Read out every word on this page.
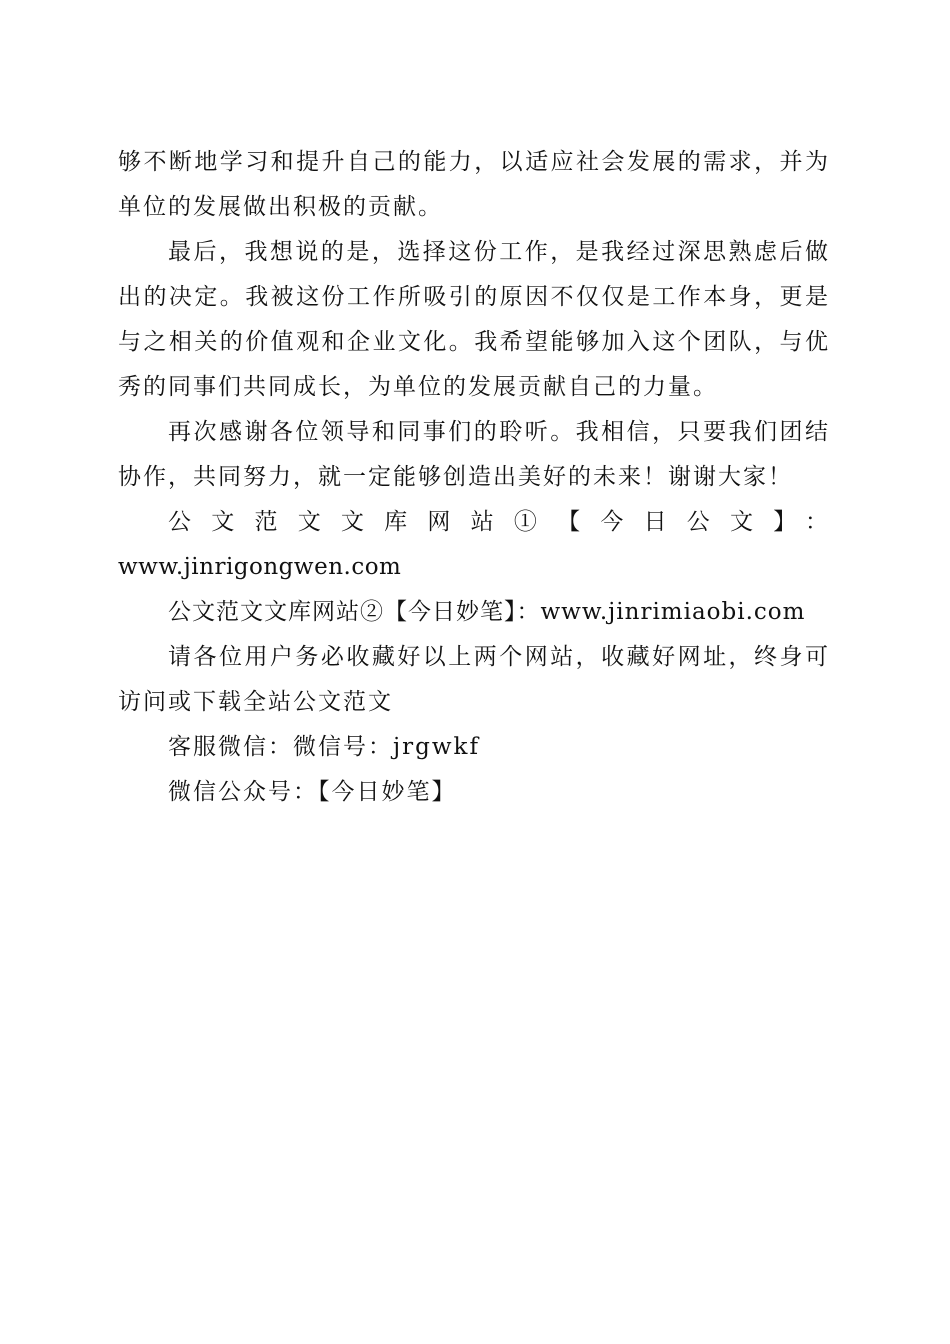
够不断地学习和提升自己的能力，以适应社会发展的需求，并为单位的发展做出积极的贡献。

最后，我想说的是，选择这份工作，是我经过深思熟虑后做出的决定。我被这份工作所吸引的原因不仅仅是工作本身，更是与之相关的价值观和企业文化。我希望能够加入这个团队，与优秀的同事们共同成长，为单位的发展贡献自己的力量。

再次感谢各位领导和同事们的聆听。我相信，只要我们团结协作，共同努力，就一定能够创造出美好的未来！谢谢大家！

公文范文文库网站①【今日公文】：

www.jinrigongwen.com

公文范文文库网站②【今日妙笔】：www.jinrimiaobi.com

请各位用户务必收藏好以上两个网站，收藏好网址，终身可访问或下载全站公文范文

客服微信：微信号：jrgwkf

微信公众号：【今日妙笔】
